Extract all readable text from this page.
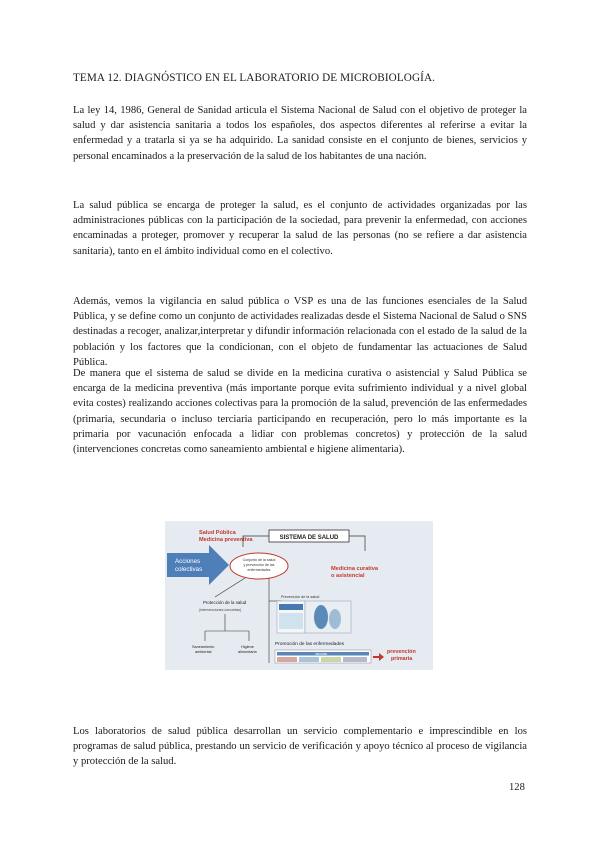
TEMA 12. DIAGNÓSTICO EN EL LABORATORIO DE MICROBIOLOGÍA.

La ley 14, 1986, General de Sanidad articula el Sistema Nacional de Salud con el objetivo de proteger la salud y dar asistencia sanitaria a todos los españoles, dos aspectos diferentes al referirse a evitar la enfermedad y a tratarla si ya se ha adquirido. La sanidad consiste en el conjunto de bienes, servicios y personal encaminados a la preservación de la salud de los habitantes de una nación.

La salud pública se encarga de proteger la salud, es el conjunto de actividades organizadas por las administraciones públicas con la participación de la sociedad, para prevenir la enfermedad, con acciones encaminadas a proteger, promover y recuperar la salud de las personas (no se refiere a dar asistencia sanitaria), tanto en el ámbito individual como en el colectivo.

Además, vemos la vigilancia en salud pública o VSP es una de las funciones esenciales de la Salud Pública, y se define como un conjunto de actividades realizadas desde el Sistema Nacional de Salud o SNS destinadas a recoger, analizar,interpretar y difundir información relacionada con el estado de la salud de la población y los factores que la condicionan, con el objeto de fundamentar las actuaciones de Salud Pública.

De manera que el sistema de salud se divide en la medicina curativa o asistencial y Salud Pública se encarga de la medicina preventiva (más importante porque evita sufrimiento individual y a nivel global evita costes) realizando acciones colectivas para la promoción de la salud, prevención de las enfermedades (primaria, secundaria o incluso terciaria participando en recuperación, pero lo más importante es la primaria por vacunación enfocada a lidiar con problemas concretos) y protección de la salud (intervenciones concretas como saneamiento ambiental e higiene alimentaria).

SISTEMA DE SALUD
Salud Pública
Medicina preventiva
Medicina curativa
o asistencial
Acciones
colectivas
Conjunto de la salud
y prevención de las
enfermedades
Protección de la salud
(intervenciones concretas)
Saneamiento
ambiental
Higiene
alimentaria
Prevención de la salud
Promoción de las enfermedades
vacunas	prevención
primaria

Los laboratorios de salud pública desarrollan un servicio complementario e imprescindible en los programas de salud pública, prestando un servicio de verificación y apoyo técnico al proceso de vigilancia y protección de la salud.

128
